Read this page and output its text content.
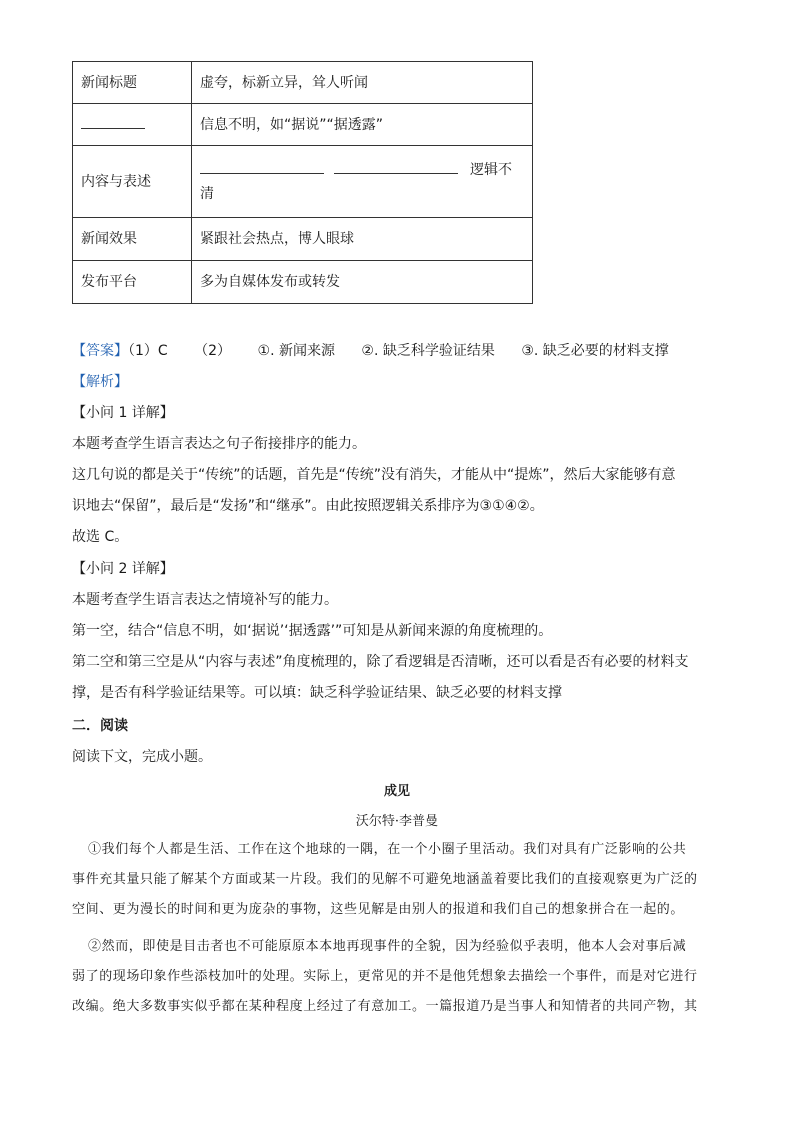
新闻标题	虚夸，标新立异，耸人听闻
	信息不明，如“据说”“据透露”
内容与表述	逻辑不
清
新闻效果	紧跟社会热点，博人眼球
发布平台	多为自媒体发布或转发
【答案】（1）C （2） ①. 新闻来源 ②. 缺乏科学验证结果 ③. 缺乏必要的材料支撑
【解析】
【小问 1 详解】
本题考查学生语言表达之句子衔接排序的能力。
这几句说的都是关于“传统”的话题，首先是“传统”没有消失，才能从中“提炼”，然后大家能够有意
识地去“保留”，最后是“发扬”和“继承”。由此按照逻辑关系排序为③①④②。
故选 C。
【小问 2 详解】
本题考查学生语言表达之情境补写的能力。
第一空，结合“信息不明，如‘据说’‘据透露’”可知是从新闻来源的角度梳理的。
第二空和第三空是从“内容与表述”角度梳理的，除了看逻辑是否清晰，还可以看是否有必要的材料支
撑，是否有科学验证结果等。可以填：缺乏科学验证结果、缺乏必要的材料支撑
二．阅读
阅读下文，完成小题。
成见
沃尔特·李普曼
①我们每个人都是生活、工作在这个地球的一隅，在一个小圈子里活动。我们对具有广泛影响的公共
事件充其量只能了解某个方面或某一片段。我们的见解不可避免地涵盖着要比我们的直接观察更为广泛的
空间、更为漫长的时间和更为庞杂的事物，这些见解是由别人的报道和我们自己的想象拼合在一起的。
②然而，即使是目击者也不可能原原本本地再现事件的全貌，因为经验似乎表明，他本人会对事后减
弱了的现场印象作些添枝加叶的处理。实际上，更常见的并不是他凭想象去描绘一个事件，而是对它进行
改编。绝大多数事实似乎都在某种程度上经过了有意加工。一篇报道乃是当事人和知情者的共同产物，其
